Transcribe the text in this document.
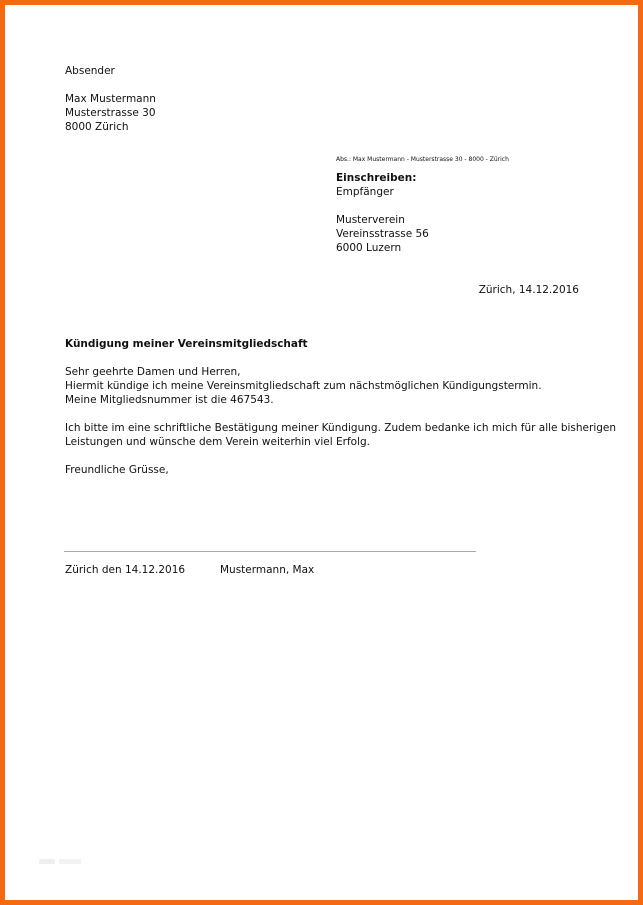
Absender
Max Mustermann
Musterstrasse 30
8000 Zürich
Abs.: Max Mustermann - Musterstrasse 30 - 8000 - Zürich
Einschreiben:
Empfänger
Musterverein
Vereinsstrasse 56
6000 Luzern
Zürich, 14.12.2016
Kündigung meiner Vereinsmitgliedschaft
Sehr geehrte Damen und Herren,
Hiermit kündige ich meine Vereinsmitgliedschaft zum nächstmöglichen Kündigungstermin.
Meine Mitgliedsnummer ist die 467543.
Ich bitte im eine schriftliche Bestätigung meiner Kündigung. Zudem bedanke ich mich für alle bisherigen
Leistungen und wünsche dem Verein weiterhin viel Erfolg.
Freundliche Grüsse,
Zürich den 14.12.2016	Mustermann, Max
